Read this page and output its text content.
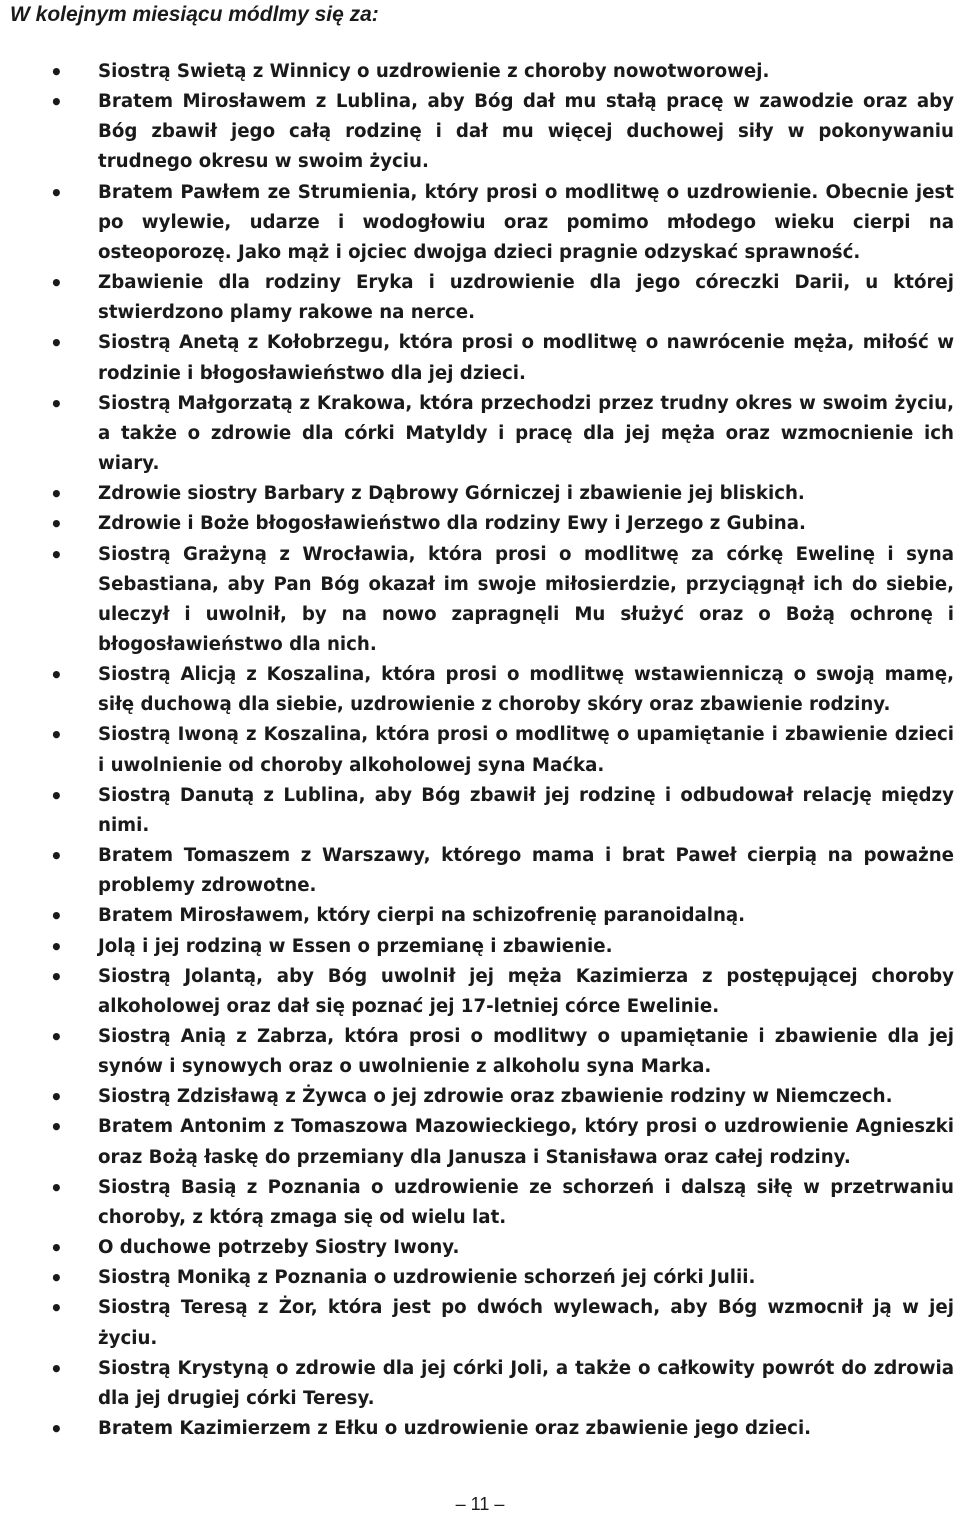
W kolejnym miesiącu módlmy się za:
• Siostrą Swietą z Winnicy o uzdrowienie z choroby nowotworowej.
• Bratem Mirosławem z Lublina, aby Bóg dał mu stałą pracę w zawodzie oraz aby Bóg zbawił jego całą rodzinę i dał mu więcej duchowej siły w pokonywaniu trudnego okresu w swoim życiu.
• Bratem Pawłem ze Strumienia, który prosi o modlitwę o uzdrowienie. Obecnie jest po wylewie, udarze i wodogłowiu oraz pomimo młodego wieku cierpi na osteoporozę. Jako mąż i ojciec dwojga dzieci pragnie odzyskać sprawność.
• Zbawienie dla rodziny Eryka i uzdrowienie dla jego córeczki Darii, u której stwierdzono plamy rakowe na nerce.
• Siostrą Anetą z Kołobrzegu, która prosi o modlitwę o nawrócenie męża, miłość w rodzinie i błogosławieństwo dla jej dzieci.
• Siostrą Małgorzatą z Krakowa, która przechodzi przez trudny okres w swoim życiu, a także o zdrowie dla córki Matyldy i pracę dla jej męża oraz wzmocnienie ich wiary.
• Zdrowie siostry Barbary z Dąbrowy Górniczej i zbawienie jej bliskich.
• Zdrowie i Boże błogosławieństwo dla rodziny Ewy i Jerzego z Gubina.
• Siostrą Grażyną z Wrocławia, która prosi o modlitwę za córkę Ewelinę i syna Sebastiana, aby Pan Bóg okazał im swoje miłosierdzie, przyciągnął ich do siebie, uleczył i uwolnił, by na nowo zapragnęli Mu służyć oraz o Bożą ochronę i błogosławieństwo dla nich.
• Siostrą Alicją z Koszalina, która prosi o modlitwę wstawienniczą o swoją mamę, siłę duchową dla siebie, uzdrowienie z choroby skóry oraz zbawienie rodziny.
• Siostrą Iwoną z Koszalina, która prosi o modlitwę o upamiętanie i zbawienie dzieci i uwolnienie od choroby alkoholowej syna Maćka.
• Siostrą Danutą z Lublina, aby Bóg zbawił jej rodzinę i odbudował relację między nimi.
• Bratem Tomaszem z Warszawy, którego mama i brat Paweł cierpią na poważne problemy zdrowotne.
• Bratem Mirosławem, który cierpi na schizofrenię paranoidalną.
• Jolą i jej rodziną w Essen o przemianę i zbawienie.
• Siostrą Jolantą, aby Bóg uwolnił jej męża Kazimierza z postępującej choroby alkoholowej oraz dał się poznać jej 17-letniej córce Ewelinie.
• Siostrą Anią z Zabrza, która prosi o modlitwy o upamiętanie i zbawienie dla jej synów i synowych oraz o uwolnienie z alkoholu syna Marka.
• Siostrą Zdzisławą z Żywca o jej zdrowie oraz zbawienie rodziny w Niemczech.
• Bratem Antonim z Tomaszowa Mazowieckiego, który prosi o uzdrowienie Agnieszki oraz Bożą łaskę do przemiany dla Janusza i Stanisława oraz całej rodziny.
• Siostrą Basią z Poznania o uzdrowienie ze schorzeń i dalszą siłę w przetrwaniu choroby, z którą zmaga się od wielu lat.
• O duchowe potrzeby Siostry Iwony.
• Siostrą Moniką z Poznania o uzdrowienie schorzeń jej córki Julii.
• Siostrą Teresą z Żor, która jest po dwóch wylewach, aby Bóg wzmocnił ją w jej życiu.
• Siostrą Krystyną o zdrowie dla jej córki Joli, a także o całkowity powrót do zdrowia dla jej drugiej córki Teresy.
• Bratem Kazimierzem z Ełku o uzdrowienie oraz zbawienie jego dzieci.
– 11 –
